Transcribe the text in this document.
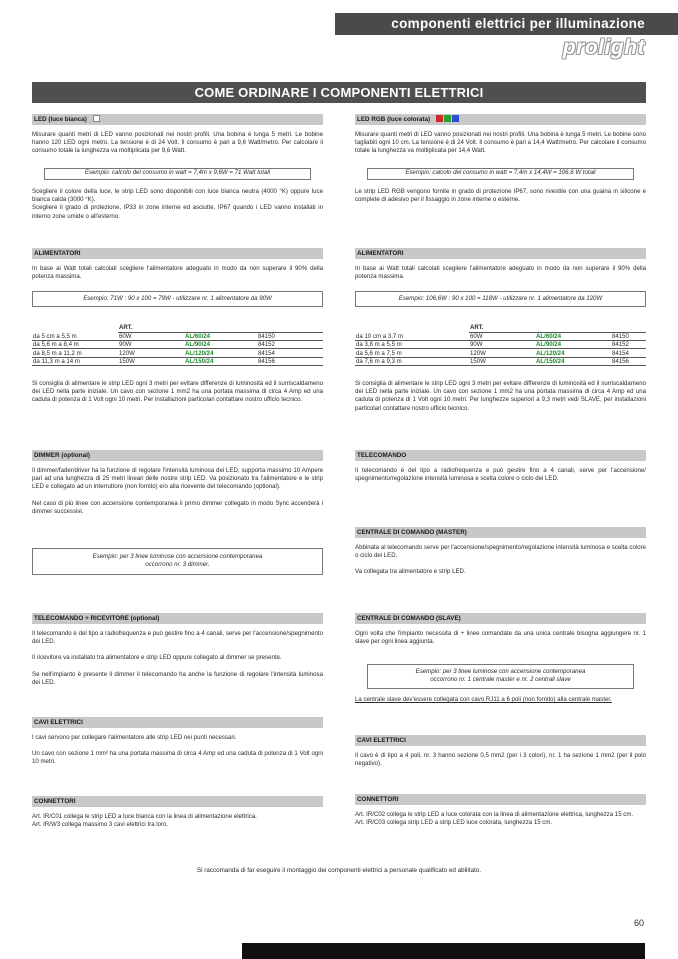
componenti elettrici per illuminazione
prolight
COME ORDINARE I COMPONENTI ELETTRICI
LED (luce bianca)
Misurare quanti metri di LED vanno posizionati nei nostri profili. Una bobina è lunga 5 metri. Le bobine hanno 120 LED ogni metro. La tensione è di 24 Volt. Il consumo è pari a 9,6 Watt/metro. Per calcolare il consumo totale la lunghezza va moltiplicata per 9,6 Watt.
Esempio: calcolo del consumo in watt = 7,4m x 9,6W = 71 Watt totali
Scegliere il colore della luce, le strip LED sono disponibili con luce bianca neutra (4000 °K) oppure luce bianca calda (3000 °K).
Scegliere il grado di protezione, IP33 in zone interne ed asciutte, IP67 quando i LED vanno installati in interno zone umide o all'esterno.
ALIMENTATORI
In base ai Watt totali calcolati scegliere l'alimentatore adeguato in modo da non superare il 90% della potenza massima.
Esempio: 71W : 90 x 100 = 79W - utilizzare nr. 1 alimentatore da 90W
	ART.		
da 5 cm a 5,5 m	60W	AL/60/24	84150
da 5,6 m a 8,4 m	90W	AL/90/24	84152
da 8,5 m a 11,2 m	120W	AL/120/24	84154
da 11,3 m a 14 m	150W	AL/150/24	84156
Si consiglia di alimentare le strip LED ogni 3 metri per evitare differenze di luminosità ed il surriscaldameno dei LED nella parte iniziale. Un cavo con sezione 1 mm2 ha una portata massima di circa 4 Amp ed una caduta di potenza di 1 Volt ogni 10 metri. Per installazioni particolari contattare nostro ufficio tecnico.
DIMMER (optional)

Il dimmer/fader/driver ha la funzione di regolare l'intensità luminosa dei LED, supporta massimo 10 Ampere pari ad una lunghezza di 25 metri lineari delle nostre strip LED. Va posizionato tra l'alimentatore e le strip LED e collegato ad un interruttore (non fornito) e/o alla ricevente del telecomando (optional).

Nel caso di più linee con accensione contemporanea il primo dimmer collegato in modo Sync accenderà i dimmer successivi.

Esempio: per 3 linee luminose con accensione contemporanea
occorrono nr. 3 dimmer.
TELECOMANDO + RICEVITORE (optional)

Il telecomando è del tipo a radiofrequenza e può gestire fino a 4 canali, serve per l'accensione/spegnimento dei LED.

Il ricevitore va installato tra alimentatore e strip LED oppure collegato al dimmer se presente.

Se nell'impianto è presente il dimmer il telecomando ha anche la funzione di regolare l'intensità luminosa dei LED.

CAVI ELETTRICI

I cavi servono per collegare l'alimentatore alle strip LED nei punti necessari.

Un cavo con sezione 1 mm² ha una portata massima di circa 4 Amp ed una caduta di potenza di 1 Volt ogni 10 metri.

CONNETTORI
Art. IR/C01 collega le strip LED a luce bianca con la linea di alimentazione elettrica.
Art. IR/W3 collega massimo 3 cavi elettrici tra loro.
LED RGB (luce colorata)
Misurare quanti metri di LED vanno posizionati nei nostri profili. Una bobina è lunga 5 metri. Le bobine sono tagliabili ogni 10 cm. La tensione è di 24 Volt. Il consumo è pari a 14,4 Watt/metro. Per calcolare il consumo totale la lunghezza va moltiplicata per 14,4 Watt.
Esempio: calcolo del consumo in watt = 7,4m x 14,4W = 106,6 W totali
Le strip LED RGB vengono fornite in grado di protezione IP67, sono rivestite con una guaina in silicone e complete di adesivo per il fissaggio in zone interne o esterne.
ALIMENTATORI
In base ai Watt totali calcolati scegliere l'alimentatore adeguato in modo da non superare il 90% della potenza massima.
Esempio: 106,6W : 90 x 100 = 118W - utilizzare nr. 1 alimentatore da 120W
	ART.		
da 10 cm a 3,7 m	60W	AL/60/24	84150
da 3,8 m a 5,5 m	90W	AL/90/24	84152
da 5,6 m a 7,5 m	120W	AL/120/24	84154
da 7,6 m a 9,3 m	150W	AL/150/24	84156
Si consiglia di alimentare le strip LED ogni 3 metri per evitare differenze di luminosità ed il surriscaldameno dei LED nella parte iniziale. Un cavo con sezione 1 mm2 ha una portata massima di circa 4 Amp ed una caduta di potenza di 1 Volt ogni 10 metri. Per lunghezze superiori a 9,3 metri vedi SLAVE, per installazioni particolari contattare nostro ufficio tecnico.
TELECOMANDO
Il telecomando è del tipo a radiofrequenza e può gestire fino a 4 canali, serve per l'accensione/ spegnimento/regolazione intensità luminosa e scelta colore o ciclo dei LED.
CENTRALE DI COMANDO (MASTER)

Abbinata al telecomando serve per l'accensione/spegnimento/regolazione intensità luminosa e scelta colore o ciclo dei LED.

Va collegata tra alimentatore e strip LED.

CENTRALE DI COMANDO (SLAVE)
Ogni volta che l'impianto necessita di + linee comandate da una unica centrale bisogna aggiungere nr. 1 slave per ogni linea aggiunta.
Esempio: per 3 linee luminose con accensione contemporanea
occorrono nr. 1 centrale master e nr. 2 centrali slave
La centrale slave dev'essere collegata con cavo RJ11 a 6 poli (non fornito) alla centrale master.
CAVI ELETTRICI
Il cavo è di tipo a 4 poli, nr. 3 hanno sezione 0,5 mm2 (per i 3 colori), nr. 1 ha sezione 1 mm2 (per il polo negativo).
CONNETTORI
Art. IR/C02 collega le strip LED a luce colorata con la linea di alimentazione elettrica, lunghezza 15 cm.
Art. IR/C03 collega strip LED a strip LED luce colorata, lunghezza 15 cm.
Si raccomanda di far eseguire il montaggio dei componenti elettrici a personale qualificato ed abilitato.
60
